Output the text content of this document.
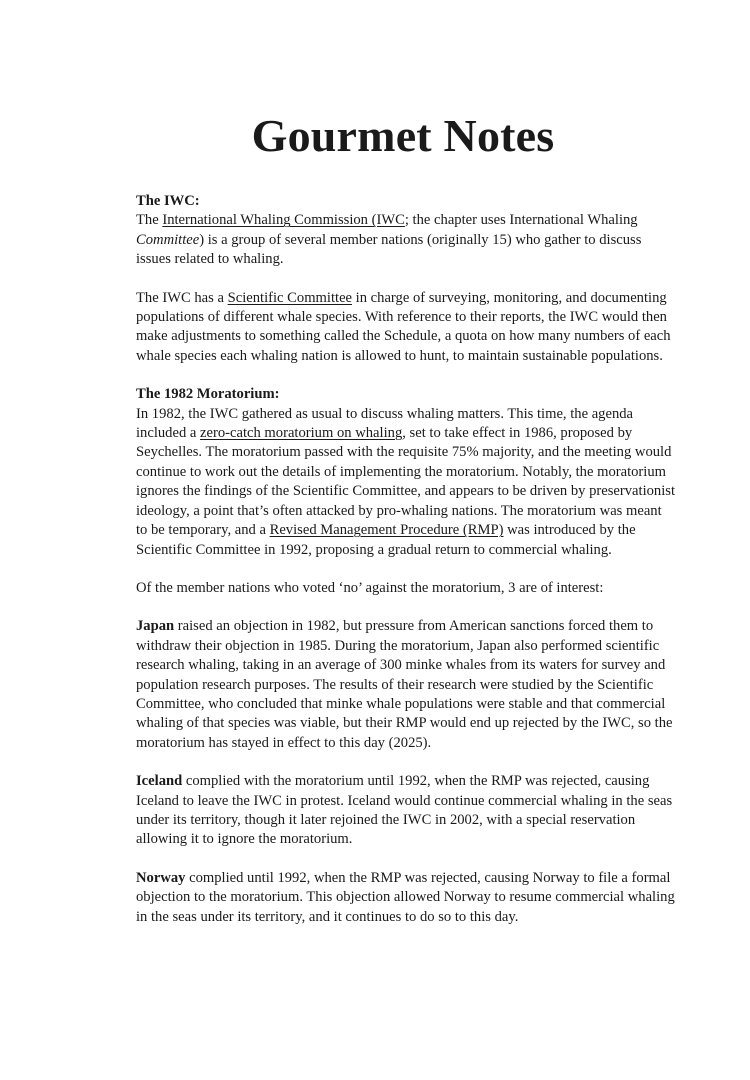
Gourmet Notes
The IWC:

The International Whaling Commission (IWC; the chapter uses International Whaling Committee) is a group of several member nations (originally 15) who gather to discuss issues related to whaling.

The IWC has a Scientific Committee in charge of surveying, monitoring, and documenting populations of different whale species. With reference to their reports, the IWC would then make adjustments to something called the Schedule, a quota on how many numbers of each whale species each whaling nation is allowed to hunt, to maintain sustainable populations.

The 1982 Moratorium:

In 1982, the IWC gathered as usual to discuss whaling matters. This time, the agenda included a zero-catch moratorium on whaling, set to take effect in 1986, proposed by Seychelles. The moratorium passed with the requisite 75% majority, and the meeting would continue to work out the details of implementing the moratorium. Notably, the moratorium ignores the findings of the Scientific Committee, and appears to be driven by preservationist ideology, a point that’s often attacked by pro-whaling nations. The moratorium was meant to be temporary, and a Revised Management Procedure (RMP) was introduced by the Scientific Committee in 1992, proposing a gradual return to commercial whaling.

Of the member nations who voted ‘no’ against the moratorium, 3 are of interest:

Japan raised an objection in 1982, but pressure from American sanctions forced them to withdraw their objection in 1985. During the moratorium, Japan also performed scientific research whaling, taking in an average of 300 minke whales from its waters for survey and population research purposes. The results of their research were studied by the Scientific Committee, who concluded that minke whale populations were stable and that commercial whaling of that species was viable, but their RMP would end up rejected by the IWC, so the moratorium has stayed in effect to this day (2025).

Iceland complied with the moratorium until 1992, when the RMP was rejected, causing Iceland to leave the IWC in protest. Iceland would continue commercial whaling in the seas under its territory, though it later rejoined the IWC in 2002, with a special reservation allowing it to ignore the moratorium.

Norway complied until 1992, when the RMP was rejected, causing Norway to file a formal objection to the moratorium. This objection allowed Norway to resume commercial whaling in the seas under its territory, and it continues to do so to this day.
